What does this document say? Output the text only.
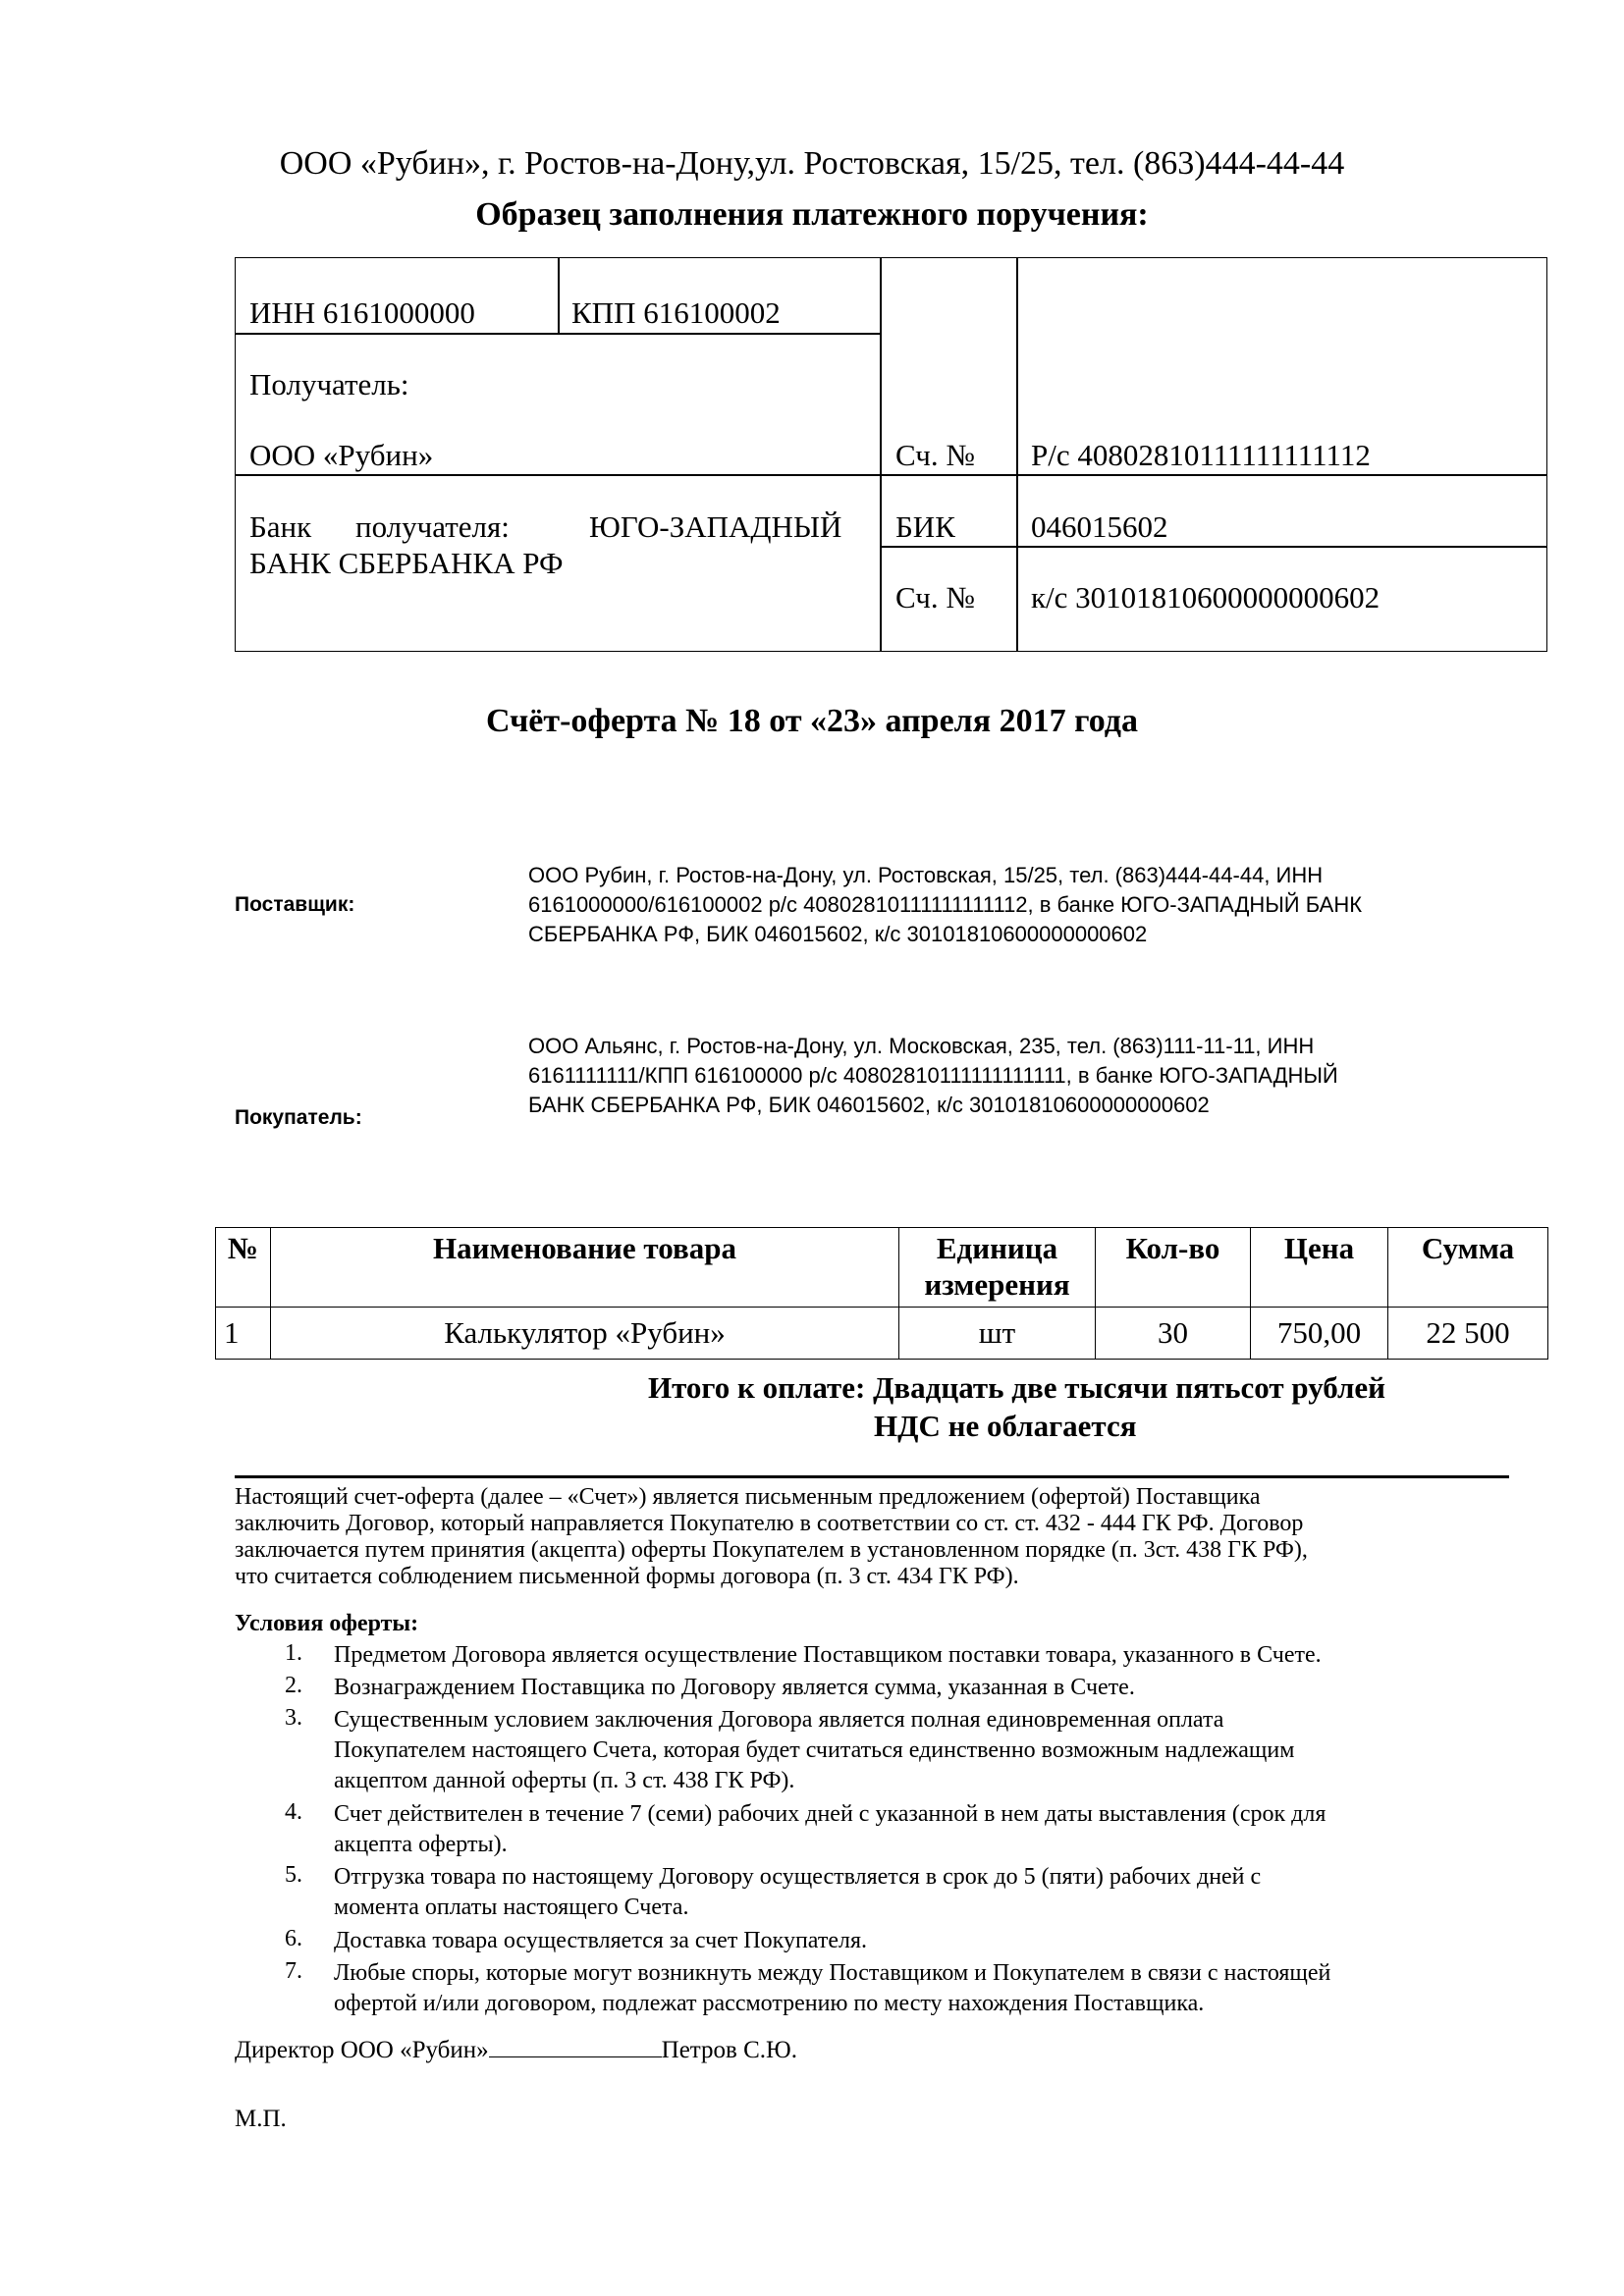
ООО «Рубин», г. Ростов-на-Дону,ул. Ростовская, 15/25, тел. (863)444-44-44
Образец заполнения платежного поручения:
ИНН 6161000000	КПП 616100002
Получатель:
ООО «Рубин»	Сч. № Р/с 40802810111111111112
Банк получателя:	ЮГО-ЗАПАДНЫЙ
БАНК СБЕРБАНКА РФ
БИК 046015602
Сч. № к/с 30101810600000000602
Счёт-оферта № 18 от «23» апреля 2017 года
Поставщик:
ООО Рубин, г. Ростов-на-Дону, ул. Ростовская, 15/25, тел. (863)444-44-44, ИНН
6161000000/616100002 р/с 40802810111111111112, в банке ЮГО-ЗАПАДНЫЙ БАНК
СБЕРБАНКА РФ, БИК 046015602, к/с 30101810600000000602
Покупатель:
ООО Альянс, г. Ростов-на-Дону, ул. Московская, 235, тел. (863)111-11-11, ИНН
6161111111/КПП 616100000 р/с 40802810111111111111, в банке ЮГО-ЗАПАДНЫЙ
БАНК СБЕРБАНКА РФ, БИК 046015602, к/с 30101810600000000602
№	Наименование товара	Единица измерения	Кол-во	Цена	Сумма
1	Калькулятор «Рубин»	шт	30	750,00	22 500
Итого к оплате: Двадцать две тысячи пятьсот рублей
НДС не облагается
Настоящий счет-оферта (далее – «Счет») является письменным предложением (офертой) Поставщика
заключить Договор, который направляется Покупателю в соответствии со ст. ст. 432 - 444 ГК РФ. Договор
заключается путем принятия (акцепта) оферты Покупателем в установленном порядке (п. 3ст. 438 ГК РФ),
что считается соблюдением письменной формы договора (п. 3 ст. 434 ГК РФ).
Условия оферты:
1. Предметом Договора является осуществление Поставщиком поставки товара, указанного в Счете.
2. Вознаграждением Поставщика по Договору является сумма, указанная в Счете.
3. Существенным условием заключения Договора является полная единовременная оплата
Покупателем настоящего Счета, которая будет считаться единственно возможным надлежащим
акцептом данной оферты (п. 3 ст. 438 ГК РФ).
4. Счет действителен в течение 7 (семи) рабочих дней с указанной в нем даты выставления (срок для
акцепта оферты).
5. Отгрузка товара по настоящему Договору осуществляется в срок до 5 (пяти) рабочих дней с
момента оплаты настоящего Счета.
6. Доставка товара осуществляется за счет Покупателя.
7. Любые споры, которые могут возникнуть между Поставщиком и Покупателем в связи с настоящей
офертой и/или договором, подлежат рассмотрению по месту нахождения Поставщика.
Директор ООО «Рубин»	Петров С.Ю.
М.П.
